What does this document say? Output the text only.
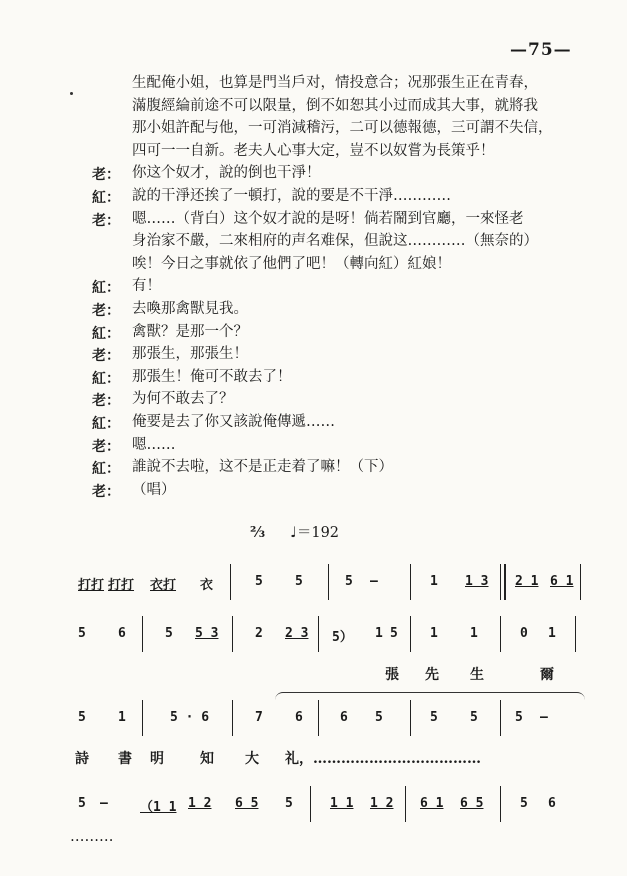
—75—
生配俺小姐，也算是門当戶对，情投意合；况那張生正在青春，
滿腹經綸前途不可以限量，倒不如恕其小过而成其大事，就將我
那小姐許配与他，一可消減稽污，二可以德報德，三可謂不失信，
四可一一自新。老夫人心事大定，豈不以奴嘗为長策乎！
老： 你这个奴才，說的倒也干淨！
紅： 說的干淨还挨了一頓打，說的要是不干淨…………
老： 嗯……（背白）这个奴才說的是呀！倘若鬧到官廳，一來怪老
身治家不嚴，二來相府的声名难保，但說这…………（無奈的）
唉！今日之事就依了他們了吧！（轉向紅）紅娘！
紅： 有！
老： 去喚那禽獸見我。
紅： 禽獸？是那一个？
老： 那張生，那張生！
紅： 那張生！俺可不敢去了！
老： 为何不敢去了？
紅： 俺要是去了你又該說俺傳遞……
老： 嗯……
紅： 誰說不去啦，这不是正走着了嘛！（下）
老： （唱）
⅔ ♩＝192
打打 打打 衣打 衣	5 5	5 —	1 1 3 2 1 6 1
5 6	5 5 3	2 2 3 5） 1 5 1 1	0 1
張 先 生	爾
5 1	5 · 6	7 6	6 5	5 5	5 —
詩 書 明	知 大 礼，………………………………
5 — （1 1 1 2 6 5 5	1 1 1 2 6 1 6 5	5 6
………
